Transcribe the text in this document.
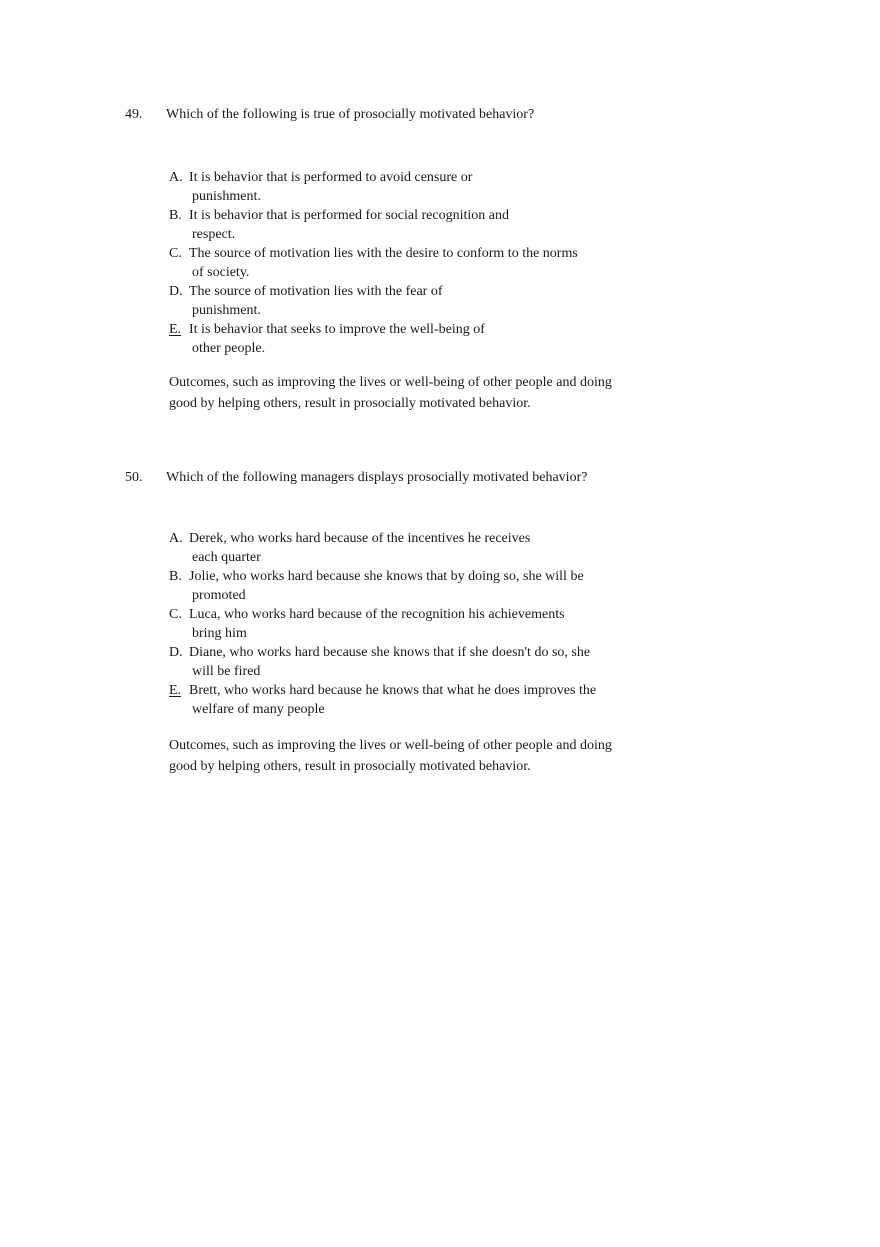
49. Which of the following is true of prosocially motivated behavior?
A. It is behavior that is performed to avoid censure or
punishment.
B. It is behavior that is performed for social recognition and
respect.
C. The source of motivation lies with the desire to conform to the norms
of society.
D. The source of motivation lies with the fear of
punishment.
E. It is behavior that seeks to improve the well-being of
other people.

Outcomes, such as improving the lives or well-being of other people and doing
good by helping others, result in prosocially motivated behavior.

50. Which of the following managers displays prosocially motivated behavior?
A. Derek, who works hard because of the incentives he receives
each quarter
B. Jolie, who works hard because she knows that by doing so, she will be
promoted
C. Luca, who works hard because of the recognition his achievements
bring him
D. Diane, who works hard because she knows that if she doesn't do so, she
will be fired
E. Brett, who works hard because he knows that what he does improves the
welfare of many people

Outcomes, such as improving the lives or well-being of other people and doing
good by helping others, result in prosocially motivated behavior.
